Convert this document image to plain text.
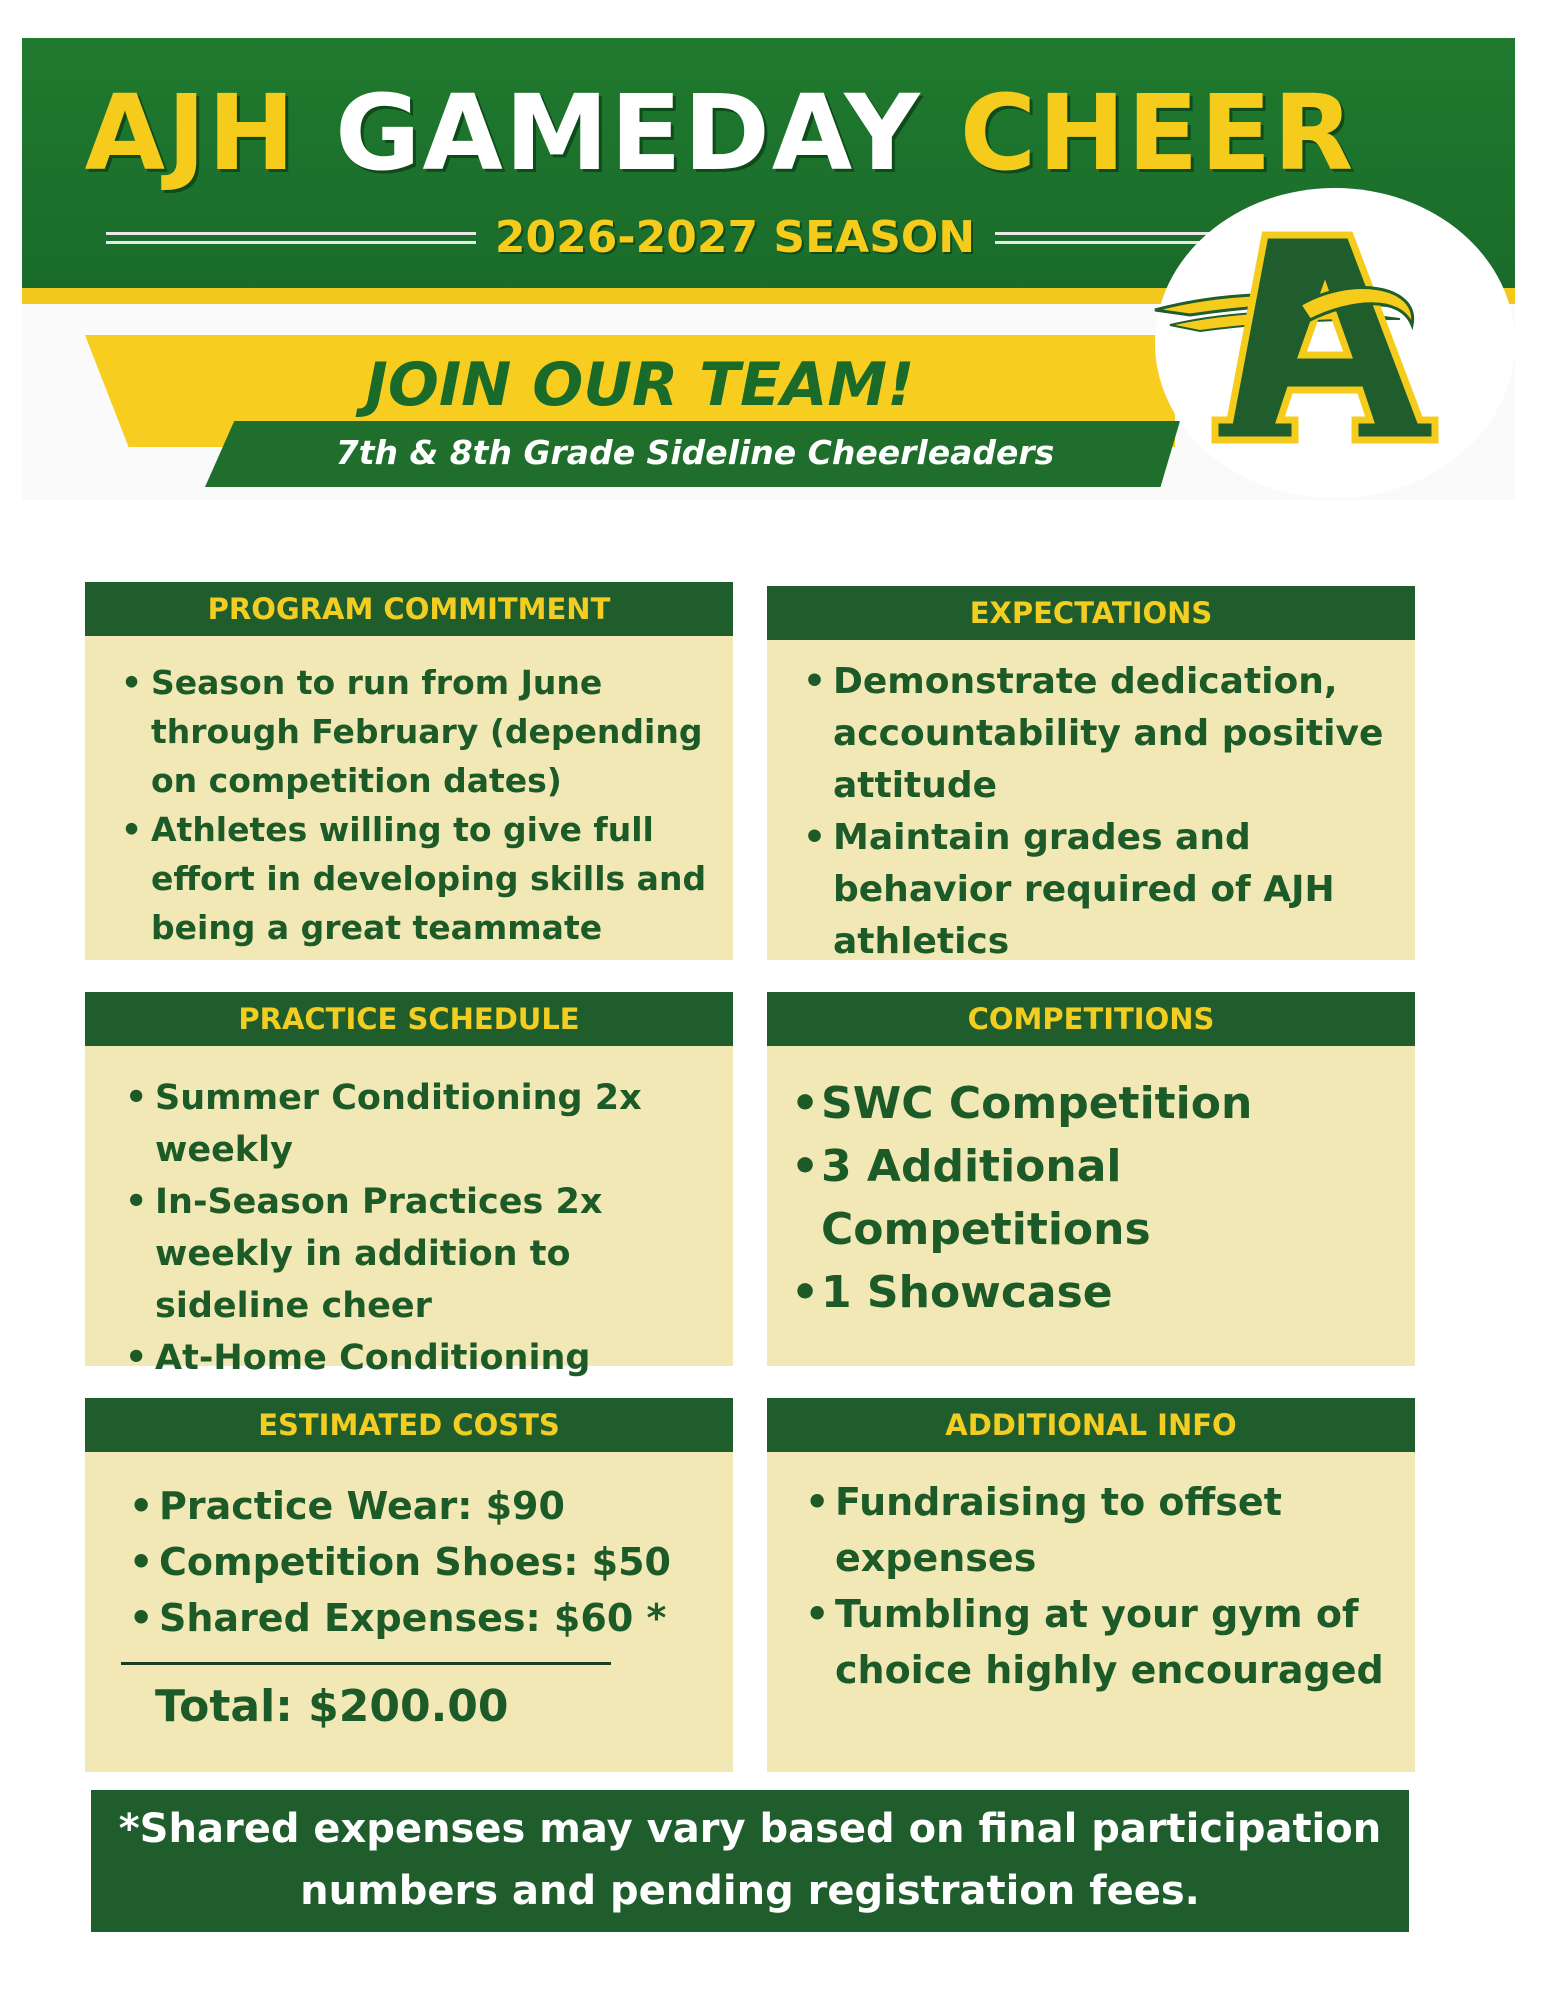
AJH GAMEDAY CHEER
2026-2027 SEASON
JOIN OUR TEAM!
7th & 8th Grade Sideline Cheerleaders
PROGRAM COMMITMENT
• Season to run from June through February (depending on competition dates)
• Athletes willing to give full effort in developing skills and being a great teammate
EXPECTATIONS
• Demonstrate dedication, accountability and positive attitude
• Maintain grades and behavior required of AJH athletics
PRACTICE SCHEDULE
• Summer Conditioning 2x weekly
• In-Season Practices 2x weekly in addition to sideline cheer
• At-Home Conditioning
COMPETITIONS
• SWC Competition
• 3 Additional Competitions
• 1 Showcase
ESTIMATED COSTS
• Practice Wear: $90
• Competition Shoes: $50
• Shared Expenses: $60 *
Total: $200.00
ADDITIONAL INFO
• Fundraising to offset expenses
• Tumbling at your gym of choice highly encouraged
*Shared expenses may vary based on final participation numbers and pending registration fees.
